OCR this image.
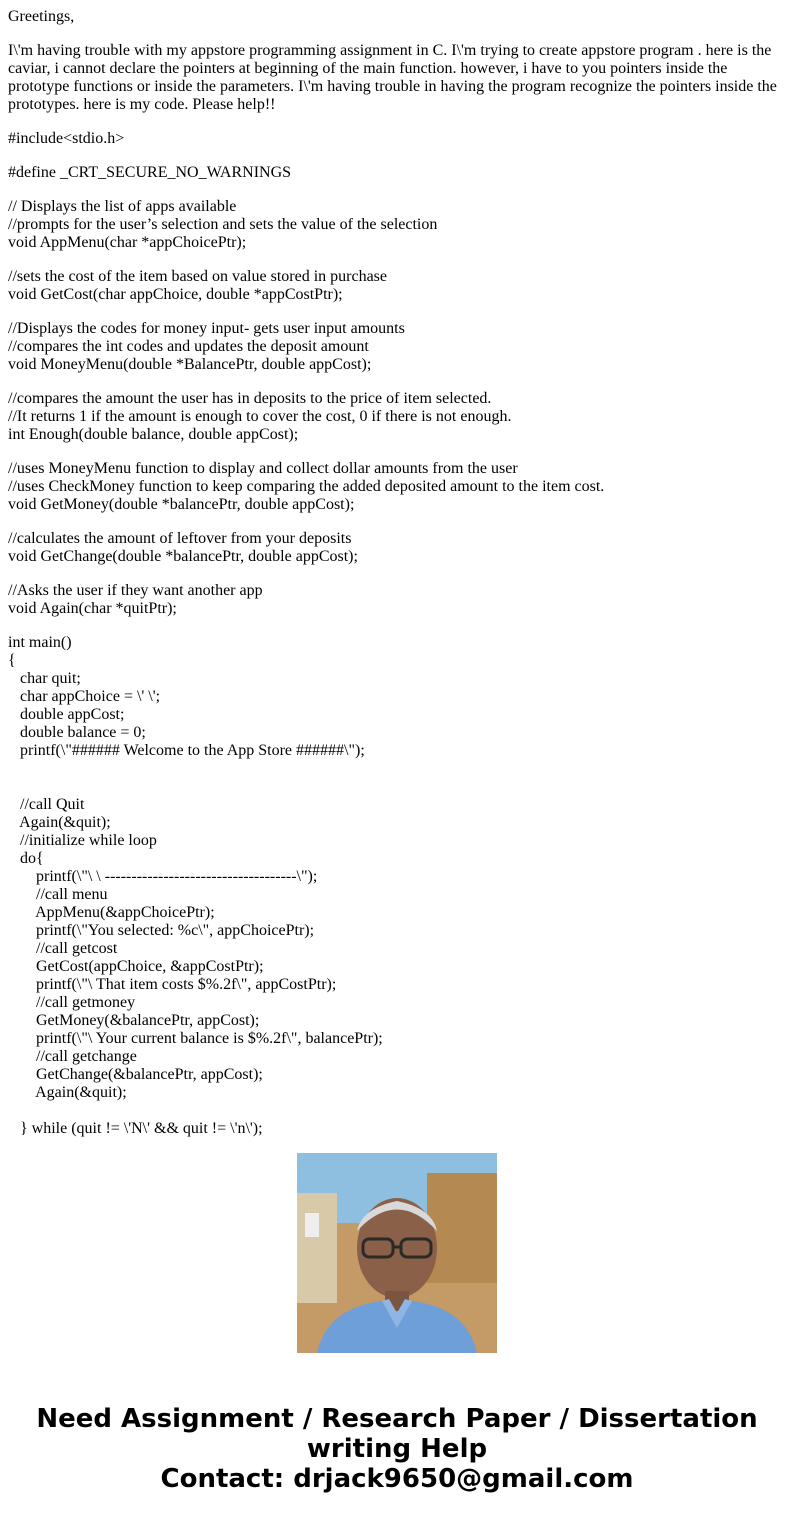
Greetings,

I\'m having trouble with my appstore programming assignment in C. I\'m trying to create appstore program . here is the caviar, i cannot declare the pointers at beginning of the main function. however, i have to you pointers inside the prototype functions or inside the parameters. I\'m having trouble in having the program recognize the pointers inside the prototypes. here is my code. Please help!!

#include<stdio.h>
#define _CRT_SECURE_NO_WARNINGS
// Displays the list of apps available
//prompts for the user’s selection and sets the value of the selection
void AppMenu(char *appChoicePtr);
//sets the cost of the item based on value stored in purchase
void GetCost(char appChoice, double *appCostPtr);
//Displays the codes for money input- gets user input amounts
//compares the int codes and updates the deposit amount
void MoneyMenu(double *BalancePtr, double appCost);
//compares the amount the user has in deposits to the price of item selected.
//It returns 1 if the amount is enough to cover the cost, 0 if there is not enough.
int Enough(double balance, double appCost);
//uses MoneyMenu function to display and collect dollar amounts from the user
//uses CheckMoney function to keep comparing the added deposited amount to the item cost.
void GetMoney(double *balancePtr, double appCost);
//calculates the amount of leftover from your deposits
void GetChange(double *balancePtr, double appCost);
//Asks the user if they want another app
void Again(char *quitPtr);
int main()
{
char quit;
char appChoice = \' \';
double appCost;
double balance = 0;
printf(\"###### Welcome to the App Store ######\");
//call Quit
Again(&quit);
//initialize while loop
do{
printf(\"\ \ ------------------------------------\");
//call menu
AppMenu(&appChoicePtr);
printf(\"You selected: %c\", appChoicePtr);
//call getcost
GetCost(appChoice, &appCostPtr);
printf(\"\ That item costs $%.2f\", appCostPtr);
//call getmoney
GetMoney(&balancePtr, appCost);
printf(\"\ Your current balance is $%.2f\", balancePtr);
//call getchange
GetChange(&balancePtr, appCost);
Again(&quit);
} while (quit != \'N\' && quit != \'n\');
Need Assignment / Research Paper / Dissertation
writing Help
Contact: drjack9650@gmail.com
